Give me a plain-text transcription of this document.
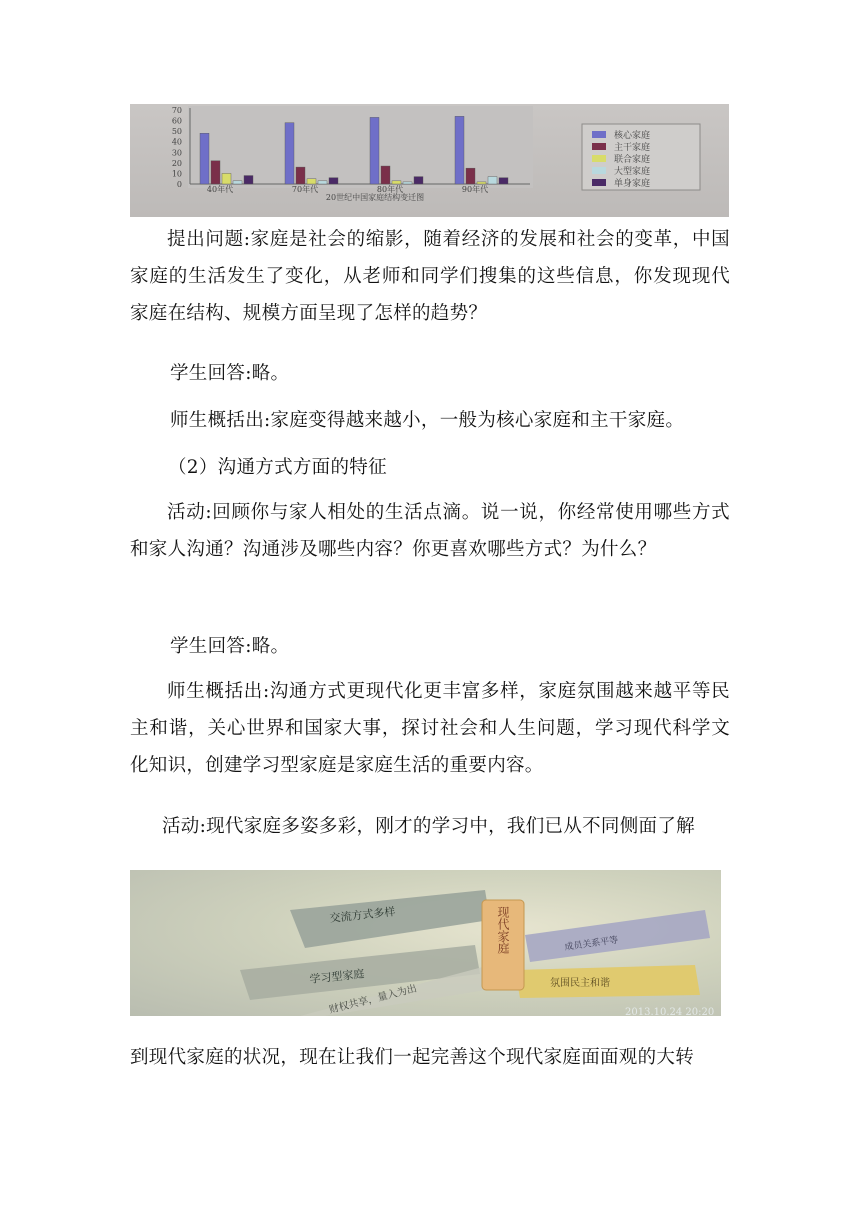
0
10
20
30
40
50
60
70
40年代	70年代	80年代	90年代
20世纪中国家庭结构变迁图
核心家庭
主干家庭
联合家庭
大型家庭
单身家庭
提出问题:家庭是社会的缩影，随着经济的发展和社会的变革，中国家庭的生活发生了变化，从老师和同学们搜集的这些信息，你发现现代家庭在结构、规模方面呈现了怎样的趋势？
学生回答:略。
师生概括出:家庭变得越来越小，一般为核心家庭和主干家庭。
（2）沟通方式方面的特征
活动:回顾你与家人相处的生活点滴。说一说，你经常使用哪些方式和家人沟通？沟通涉及哪些内容？你更喜欢哪些方式？为什么？
学生回答:略。
师生概括出:沟通方式更现代化更丰富多样，家庭氛围越来越平等民主和谐，关心世界和国家大事，探讨社会和人生问题，学习现代科学文化知识，创建学习型家庭是家庭生活的重要内容。
活动:现代家庭多姿多彩，刚才的学习中，我们已从不同侧面了解
现代家庭
交流方式多样
学习型家庭
财权共享，量入为出
成员关系平等
氛围民主和谐
2013.10.24 20:20
到现代家庭的状况，现在让我们一起完善这个现代家庭面面观的大转
